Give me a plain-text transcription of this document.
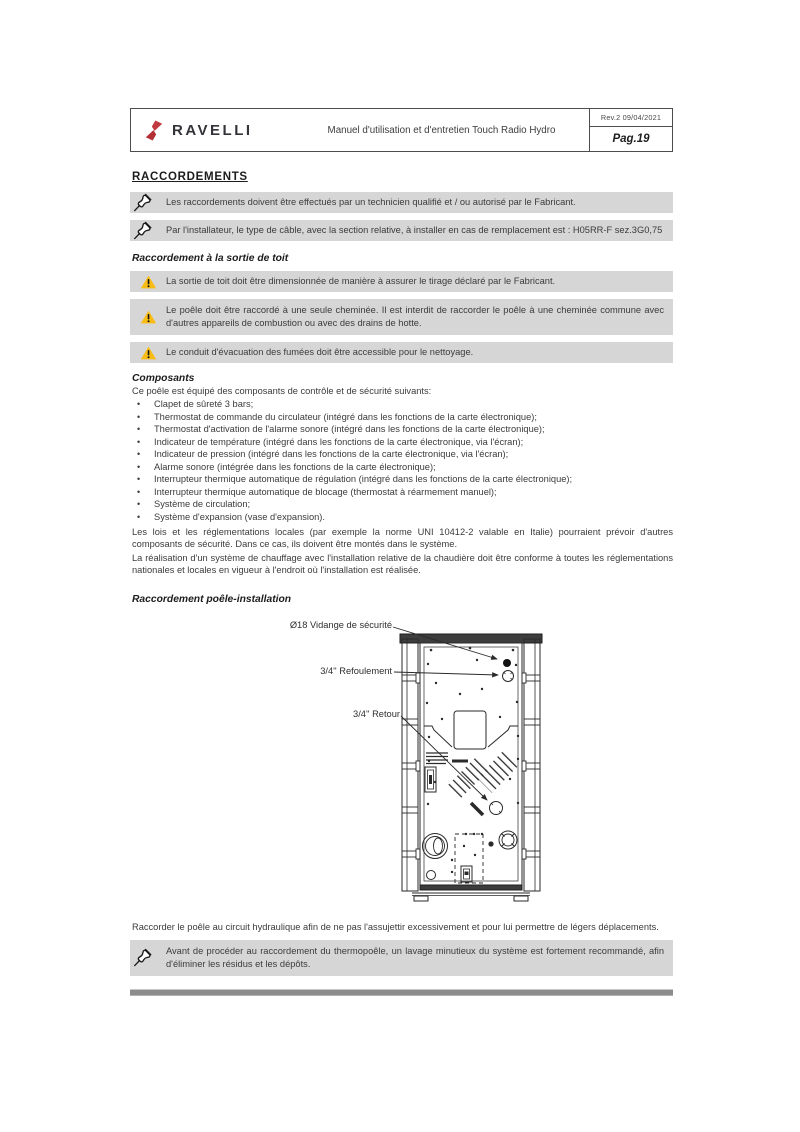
RAVELLI	Manuel d'utilisation et d'entretien Touch Radio Hydro
Rev.2 09/04/2021
Pag.19
RACCORDEMENTS
Les raccordements doivent être effectués par un technicien qualifié et / ou autorisé par le Fabricant.
Par l'installateur, le type de câble, avec la section relative, à installer en cas de remplacement est : H05RR-F sez.3G0,75
Raccordement à la sortie de toit
La sortie de toit doit être dimensionnée de manière à assurer le tirage déclaré par le Fabricant.
Le poêle doit être raccordé à une seule cheminée. Il est interdit de raccorder le poêle à une cheminée commune avec d'autres appareils de combustion ou avec des drains de hotte.
Le conduit d'évacuation des fumées doit être accessible pour le nettoyage.
Composants
Ce poêle est équipé des composants de contrôle et de sécurité suivants:
• Clapet de sûreté 3 bars;
• Thermostat de commande du circulateur (intégré dans les fonctions de la carte électronique);
• Thermostat d'activation de l'alarme sonore (intégré dans les fonctions de la carte électronique);
• Indicateur de température (intégré dans les fonctions de la carte électronique, via l'écran);
• Indicateur de pression (intégré dans les fonctions de la carte électronique, via l'écran);
• Alarme sonore (intégrée dans les fonctions de la carte électronique);
• Interrupteur thermique automatique de régulation (intégré dans les fonctions de la carte électronique);
• Interrupteur thermique automatique de blocage (thermostat à réarmement manuel);
• Système de circulation;
• Système d'expansion (vase d'expansion).
Les lois et les réglementations locales (par exemple la norme UNI 10412-2 valable en Italie) pourraient prévoir d'autres composants de sécurité. Dans ce cas, ils doivent être montés dans le système.
La réalisation d'un système de chauffage avec l'installation relative de la chaudière doit être conforme à toutes les réglementations nationales et locales en vigueur à l'endroit où l'installation est réalisée.
Raccordement poêle-installation
Ø18 Vidange de sécurité
3/4'' Refoulement
3/4'' Retour
Raccorder le poêle au circuit hydraulique afin de ne pas l'assujettir excessivement et pour lui permettre de légers déplacements.
Avant de procéder au raccordement du thermopoêle, un lavage minutieux du système est fortement recommandé, afin d'éliminer les résidus et les dépôts.
